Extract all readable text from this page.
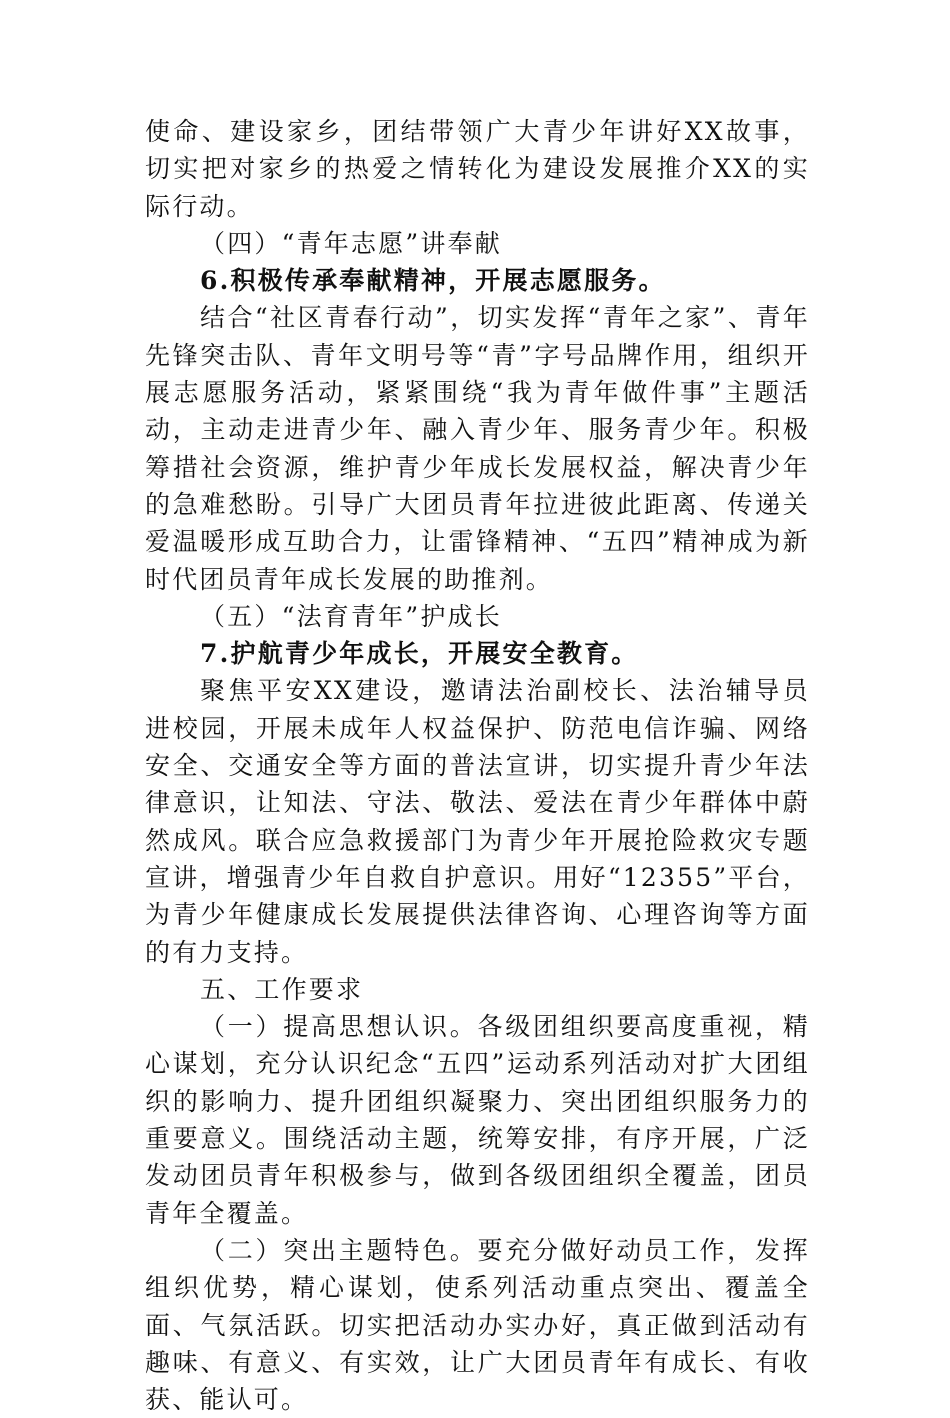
使命、建设家乡，团结带领广大青少年讲好XX故事，切实把对家乡的热爱之情转化为建设发展推介XX的实际行动。

（四）“青年志愿”讲奉献

6.积极传承奉献精神，开展志愿服务。

结合“社区青春行动”，切实发挥“青年之家”、青年先锋突击队、青年文明号等“青”字号品牌作用，组织开展志愿服务活动，紧紧围绕“我为青年做件事”主题活动，主动走进青少年、融入青少年、服务青少年。积极筹措社会资源，维护青少年成长发展权益，解决青少年的急难愁盼。引导广大团员青年拉进彼此距离、传递关爱温暖形成互助合力，让雷锋精神、“五四”精神成为新时代团员青年成长发展的助推剂。

（五）“法育青年”护成长

7.护航青少年成长，开展安全教育。

聚焦平安XX建设，邀请法治副校长、法治辅导员进校园，开展未成年人权益保护、防范电信诈骗、网络安全、交通安全等方面的普法宣讲，切实提升青少年法律意识，让知法、守法、敬法、爱法在青少年群体中蔚然成风。联合应急救援部门为青少年开展抢险救灾专题宣讲，增强青少年自救自护意识。用好“12355”平台，为青少年健康成长发展提供法律咨询、心理咨询等方面的有力支持。

五、工作要求

（一）提高思想认识。各级团组织要高度重视，精心谋划，充分认识纪念“五四”运动系列活动对扩大团组织的影响力、提升团组织凝聚力、突出团组织服务力的重要意义。围绕活动主题，统筹安排，有序开展，广泛发动团员青年积极参与，做到各级团组织全覆盖，团员青年全覆盖。

（二）突出主题特色。要充分做好动员工作，发挥组织优势，精心谋划，使系列活动重点突出、覆盖全面、气氛活跃。切实把活动办实办好，真正做到活动有趣味、有意义、有实效，让广大团员青年有成长、有收获、能认可。
